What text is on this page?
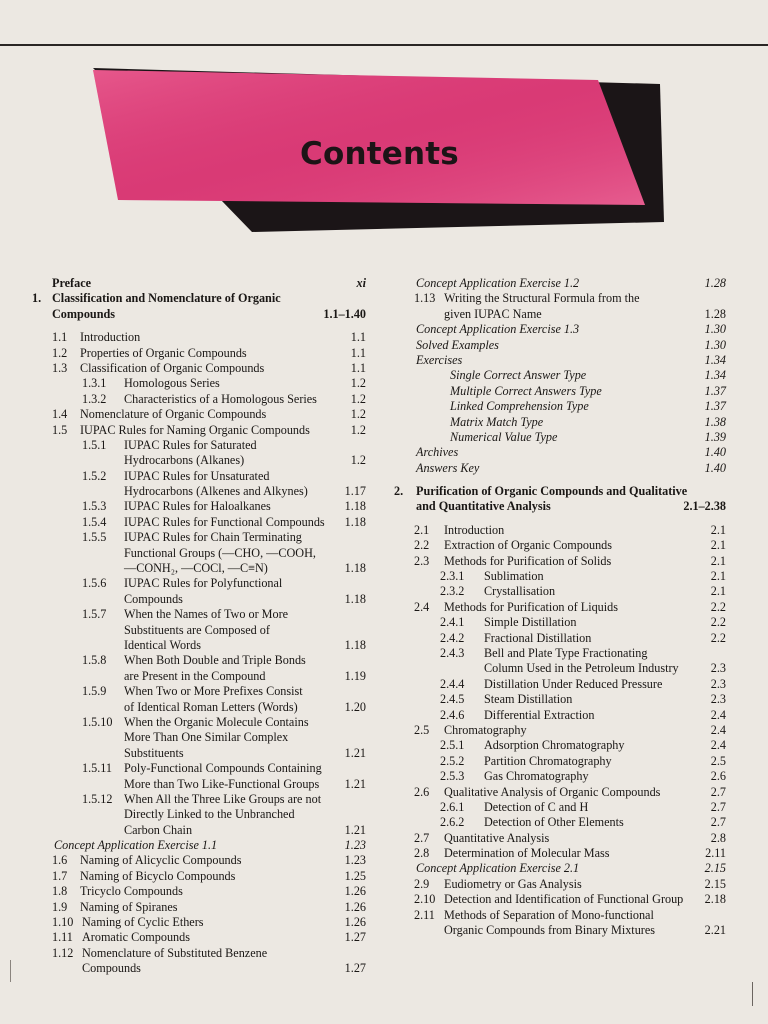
Contents
Preface	xi
1. Classification and Nomenclature of Organic
Compounds	1.1–1.40
1.1 Introduction	1.1
1.2 Properties of Organic Compounds	1.1
1.3 Classification of Organic Compounds	1.1
1.3.1 Homologous Series	1.2
1.3.2 Characteristics of a Homologous Series	1.2
1.4 Nomenclature of Organic Compounds	1.2
1.5 IUPAC Rules for Naming Organic Compounds	1.2
1.5.1 IUPAC Rules for Saturated
Hydrocarbons (Alkanes)	1.2
1.5.2 IUPAC Rules for Unsaturated
Hydrocarbons (Alkenes and Alkynes)	1.17
1.5.3 IUPAC Rules for Haloalkanes	1.18
1.5.4 IUPAC Rules for Functional Compounds 1.18
1.5.5 IUPAC Rules for Chain Terminating
Functional Groups (—CHO, —COOH,
—CONH₂, —COCl, —C≡N)	1.18
1.5.6 IUPAC Rules for Polyfunctional
Compounds	1.18
1.5.7 When the Names of Two or More
Substituents are Composed of
Identical Words	1.18
1.5.8 When Both Double and Triple Bonds
are Present in the Compound	1.19
1.5.9 When Two or More Prefixes Consist
of Identical Roman Letters (Words)	1.20
1.5.10 When the Organic Molecule Contains
More Than One Similar Complex
Substituents	1.21
1.5.11 Poly-Functional Compounds Containing
More than Two Like-Functional Groups 1.21
1.5.12 When All the Three Like Groups are not
Directly Linked to the Unbranched
Carbon Chain	1.21
Concept Application Exercise 1.1	1.23
1.6 Naming of Alicyclic Compounds	1.23
1.7 Naming of Bicyclo Compounds	1.25
1.8 Tricyclo Compounds	1.26
1.9 Naming of Spiranes	1.26
1.10 Naming of Cyclic Ethers	1.26
1.11 Aromatic Compounds	1.27
1.12 Nomenclature of Substituted Benzene
Compounds	1.27
Concept Application Exercise 1.2	1.28
1.13 Writing the Structural Formula from the
given IUPAC Name	1.28
Concept Application Exercise 1.3	1.30
Solved Examples	1.30
Exercises	1.34
Single Correct Answer Type	1.34
Multiple Correct Answers Type	1.37
Linked Comprehension Type	1.37
Matrix Match Type	1.38
Numerical Value Type	1.39
Archives	1.40
Answers Key	1.40
2. Purification of Organic Compounds and Qualitative
and Quantitative Analysis	2.1–2.38
2.1 Introduction	2.1
2.2 Extraction of Organic Compounds	2.1
2.3 Methods for Purification of Solids	2.1
2.3.1 Sublimation	2.1
2.3.2 Crystallisation	2.1
2.4 Methods for Purification of Liquids	2.2
2.4.1 Simple Distillation	2.2
2.4.2 Fractional Distillation	2.2
2.4.3 Bell and Plate Type Fractionating
Column Used in the Petroleum Industry	2.3
2.4.4 Distillation Under Reduced Pressure	2.3
2.4.5 Steam Distillation	2.3
2.4.6 Differential Extraction	2.4
2.5 Chromatography	2.4
2.5.1 Adsorption Chromatography	2.4
2.5.2 Partition Chromatography	2.5
2.5.3 Gas Chromatography	2.6
2.6 Qualitative Analysis of Organic Compounds	2.7
2.6.1 Detection of C and H	2.7
2.6.2 Detection of Other Elements	2.7
2.7 Quantitative Analysis	2.8
2.8 Determination of Molecular Mass	2.11
Concept Application Exercise 2.1	2.15
2.9 Eudiometry or Gas Analysis	2.15
2.10 Detection and Identification of Functional Group 2.18
2.11 Methods of Separation of Mono-functional
Organic Compounds from Binary Mixtures	2.21
